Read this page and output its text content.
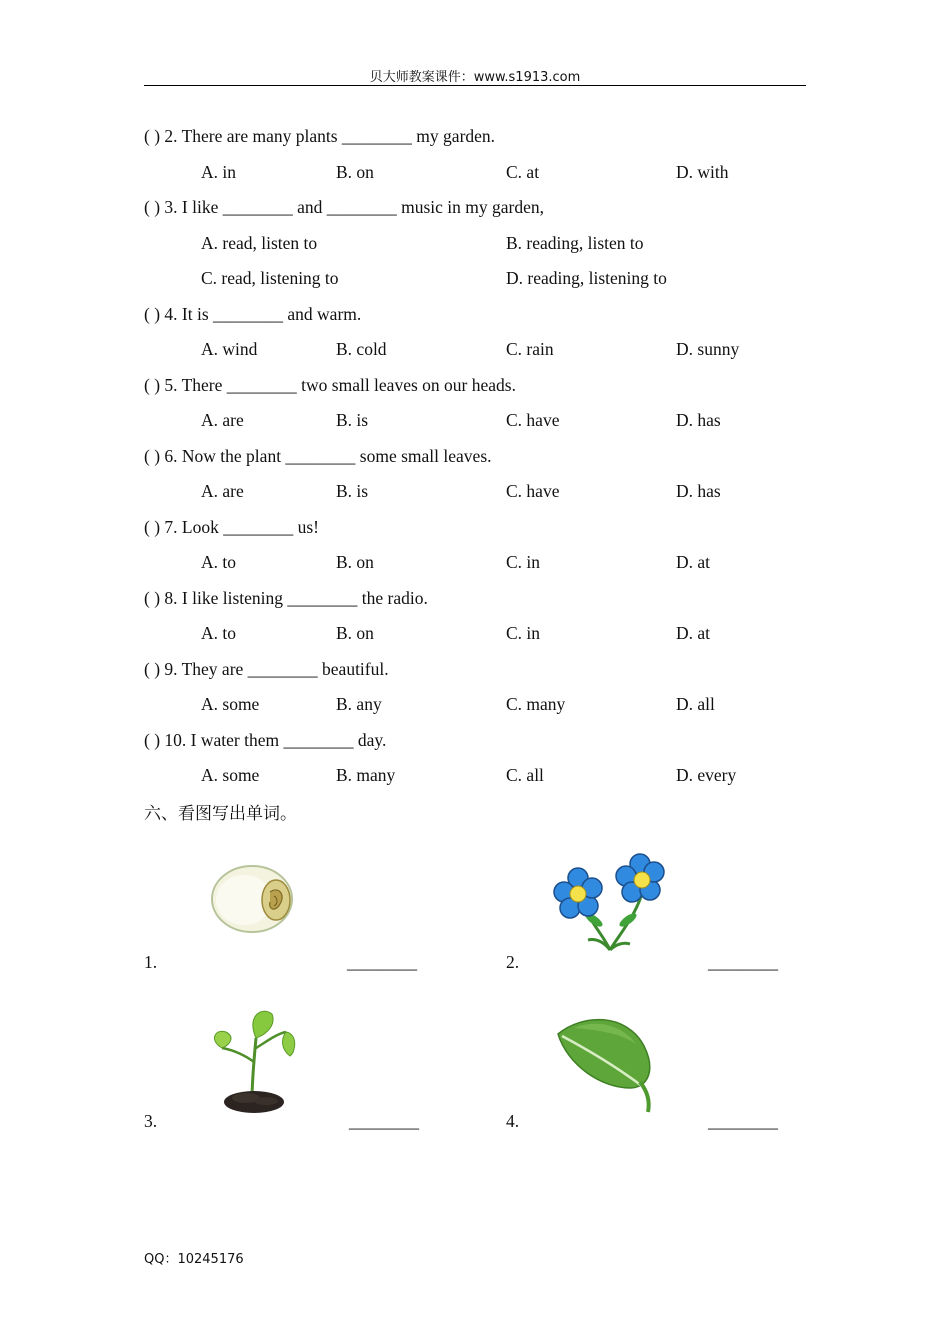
贝大师教案课件：www.s1913.com
( ) 2. There are many plants ________ my garden.
A. in	B. on	C. at	D. with
( ) 3. I like ________ and ________ music in my garden,
A. read, listen to	B. reading, listen to
C. read, listening to	D. reading, listening to
( ) 4. It is ________ and warm.
A. wind	B. cold	C. rain	D. sunny
( ) 5. There ________ two small leaves on our heads.
A. are	B. is	C. have	D. has
( ) 6. Now the plant ________ some small leaves.
A. are	B. is	C. have	D. has
( ) 7. Look ________ us!
A. to	B. on	C. in	D. at
( ) 8. I like listening ________ the radio.
A. to	B. on	C. in	D. at
( ) 9. They are ________ beautiful.
A. some	B. any	C. many	D. all
( ) 10. I water them ________ day.
A. some	B. many	C. all	D. every
六、看图写出单词。
1.	________	2.	________
3.	________	4.	________
QQ：10245176
